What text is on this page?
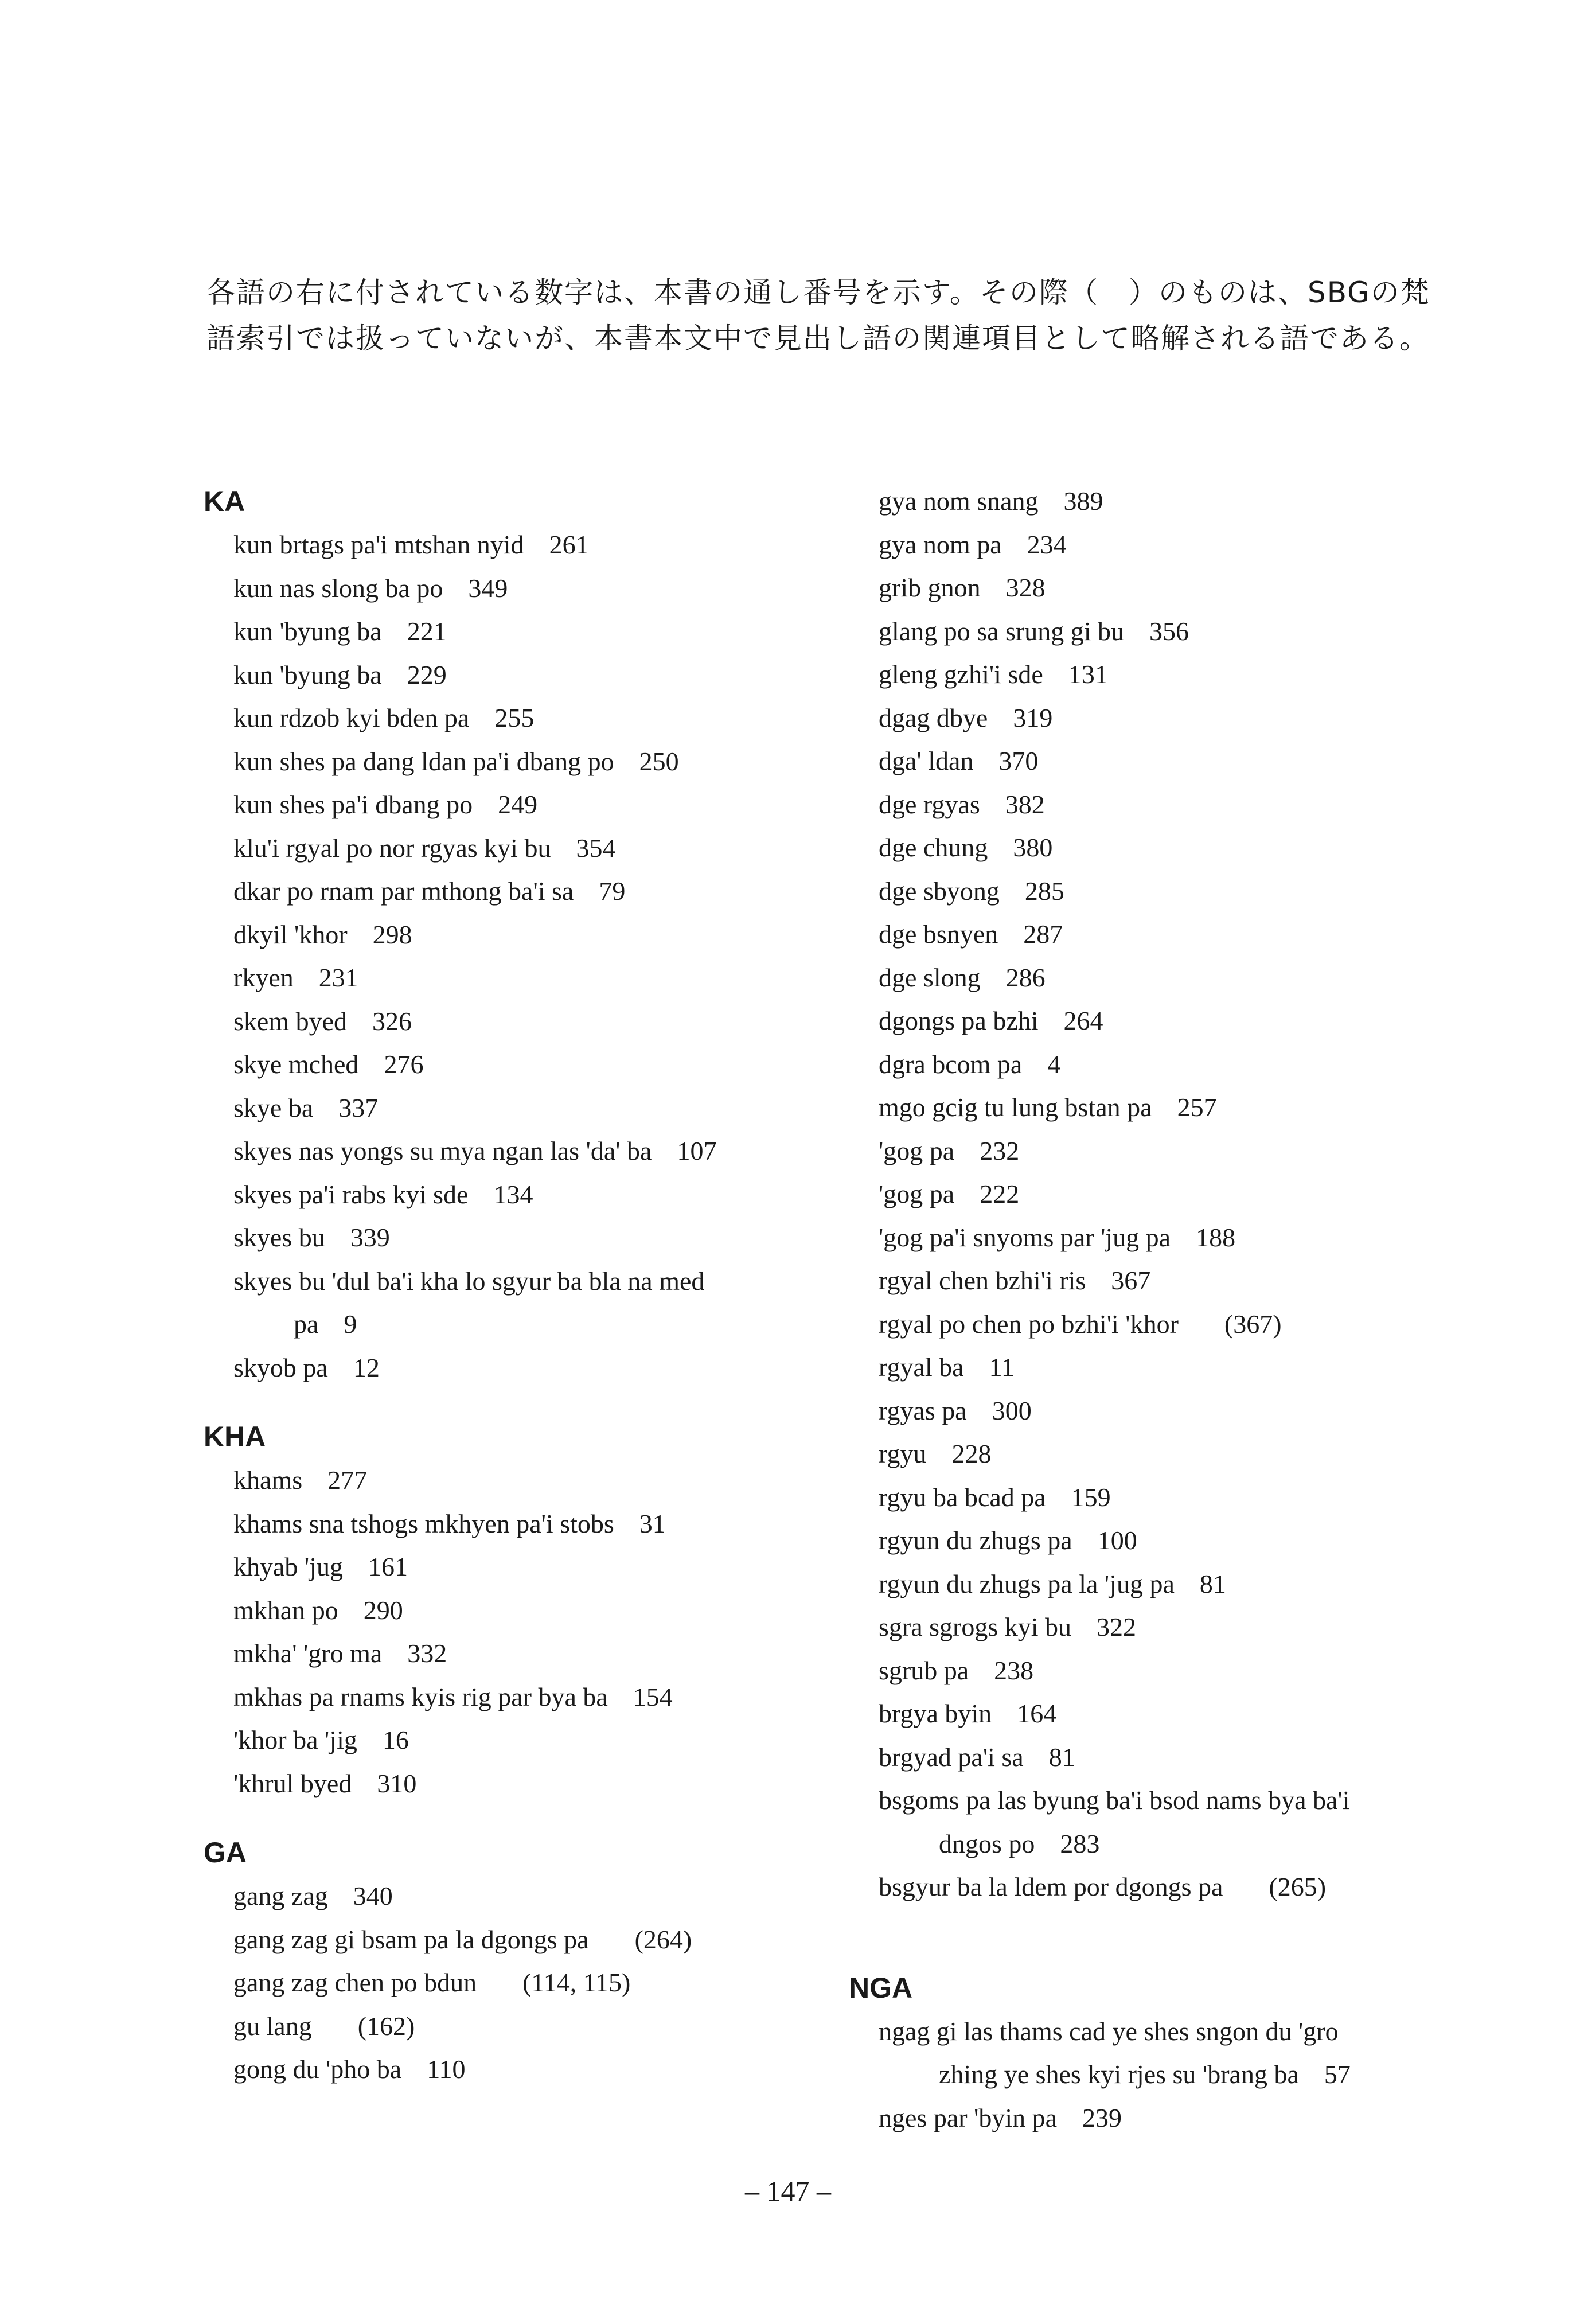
各語の右に付されている数字は、本書の通し番号を示す。その際（　）のものは、SBGの梵

語索引では扱っていないが、本書本文中で見出し語の関連項目として略解される語である。

KA
kun brtags pa'i mtshan nyid 261
kun nas slong ba po 349
kun 'byung ba 221
kun 'byung ba 229
kun rdzob kyi bden pa 255
kun shes pa dang ldan pa'i dbang po 250
kun shes pa'i dbang po 249
klu'i rgyal po nor rgyas kyi bu 354
dkar po rnam par mthong ba'i sa 79
dkyil 'khor 298
rkyen 231
skem byed 326
skye mched 276
skye ba 337
skyes nas yongs su mya ngan las 'da' ba 107
skyes pa'i rabs kyi sde 134
skyes bu 339
skyes bu 'dul ba'i kha lo sgyur ba bla na med
pa 9
skyob pa 12
KHA
khams 277
khams sna tshogs mkhyen pa'i stobs 31
khyab 'jug 161
mkhan po 290
mkha' 'gro ma 332
mkhas pa rnams kyis rig par bya ba 154
'khor ba 'jig 16
'khrul byed 310
GA
gang zag 340
gang zag gi bsam pa la dgongs pa (264)
gang zag chen po bdun (114, 115)
gu lang (162)
gong du 'pho ba 110
gya nom snang 389
gya nom pa 234
grib gnon 328
glang po sa srung gi bu 356
gleng gzhi'i sde 131
dgag dbye 319
dga' ldan 370
dge rgyas 382
dge chung 380
dge sbyong 285
dge bsnyen 287
dge slong 286
dgongs pa bzhi 264
dgra bcom pa 4
mgo gcig tu lung bstan pa 257
'gog pa 232
'gog pa 222
'gog pa'i snyoms par 'jug pa 188
rgyal chen bzhi'i ris 367
rgyal po chen po bzhi'i 'khor (367)
rgyal ba 11
rgyas pa 300
rgyu 228
rgyu ba bcad pa 159
rgyun du zhugs pa 100
rgyun du zhugs pa la 'jug pa 81
sgra sgrogs kyi bu 322
sgrub pa 238
brgya byin 164
brgyad pa'i sa 81
bsgoms pa las byung ba'i bsod nams bya ba'i
dngos po 283
bsgyur ba la ldem por dgongs pa (265)
NGA
ngag gi las thams cad ye shes sngon du 'gro
zhing ye shes kyi rjes su 'brang ba 57
nges par 'byin pa 239
– 147 –
